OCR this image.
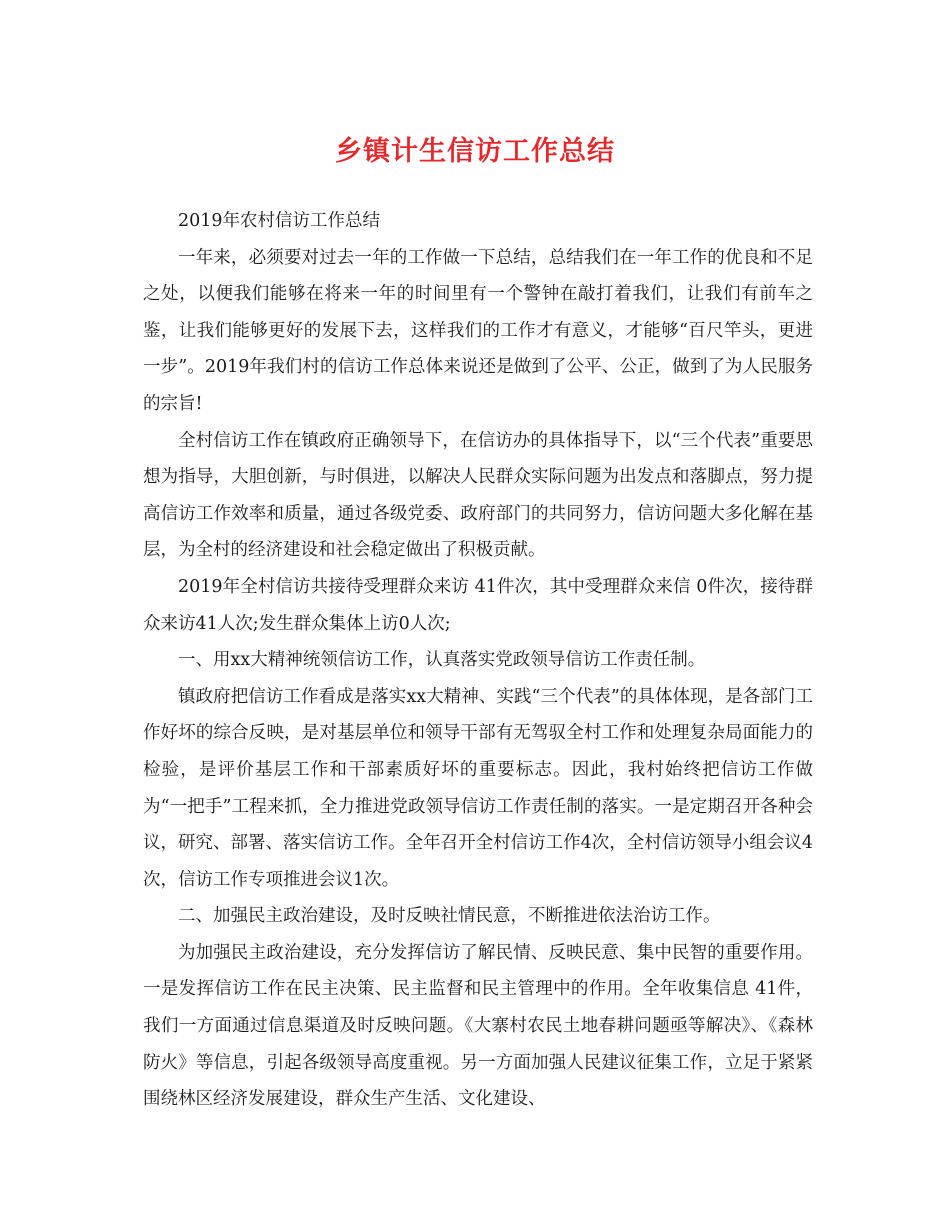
乡镇计生信访工作总结

2019年农村信访工作总结

一年来，必须要对过去一年的工作做一下总结，总结我们在一年工作的优良和不足之处，以便我们能够在将来一年的时间里有一个警钟在敲打着我们，让我们有前车之鉴，让我们能够更好的发展下去，这样我们的工作才有意义，才能够“百尺竿头，更进一步”。2019年我们村的信访工作总体来说还是做到了公平、公正，做到了为人民服务的宗旨!

全村信访工作在镇政府正确领导下，在信访办的具体指导下，以“三个代表”重要思想为指导，大胆创新，与时俱进，以解决人民群众实际问题为出发点和落脚点，努力提高信访工作效率和质量，通过各级党委、政府部门的共同努力，信访问题大多化解在基层，为全村的经济建设和社会稳定做出了积极贡献。

2019年全村信访共接待受理群众来访 41件次，其中受理群众来信 0件次，接待群众来访41人次;发生群众集体上访0人次;

一、用xx大精神统领信访工作，认真落实党政领导信访工作责任制。

镇政府把信访工作看成是落实xx大精神、实践“三个代表”的具体体现，是各部门工作好坏的综合反映，是对基层单位和领导干部有无驾驭全村工作和处理复杂局面能力的检验，是评价基层工作和干部素质好坏的重要标志。因此，我村始终把信访工作做为“一把手”工程来抓，全力推进党政领导信访工作责任制的落实。一是定期召开各种会议，研究、部署、落实信访工作。全年召开全村信访工作4次，全村信访领导小组会议4次，信访工作专项推进会议1次。

二、加强民主政治建设，及时反映社情民意，不断推进依法治访工作。

为加强民主政治建设，充分发挥信访了解民情、反映民意、集中民智的重要作用。一是发挥信访工作在民主决策、民主监督和民主管理中的作用。全年收集信息 41件，我们一方面通过信息渠道及时反映问题。《大寨村农民土地春耕问题亟等解决》、《森林防火》等信息，引起各级领导高度重视。另一方面加强人民建议征集工作，立足于紧紧围绕林区经济发展建设，群众生产生活、文化建设、
